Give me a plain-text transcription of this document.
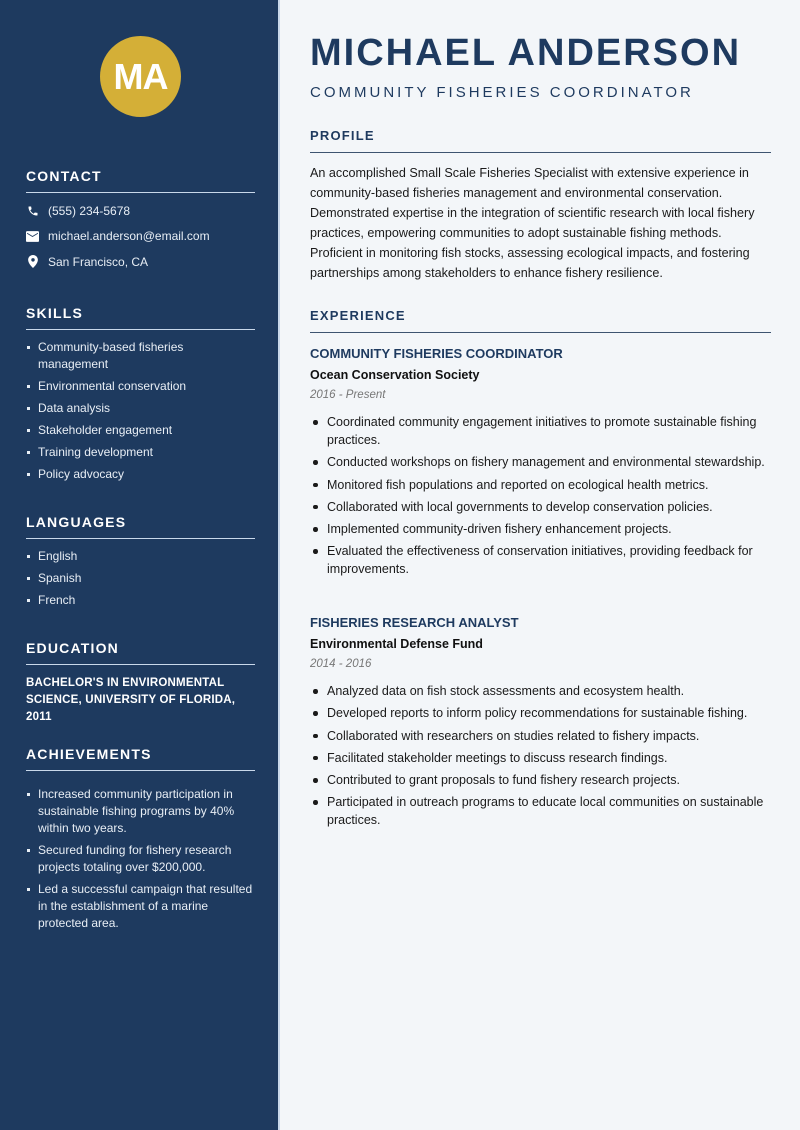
MA
CONTACT
(555) 234-5678
michael.anderson@email.com
San Francisco, CA
SKILLS
Community-based fisheries management
Environmental conservation
Data analysis
Stakeholder engagement
Training development
Policy advocacy
LANGUAGES
English
Spanish
French
EDUCATION
BACHELOR'S IN ENVIRONMENTAL SCIENCE, UNIVERSITY OF FLORIDA, 2011
ACHIEVEMENTS
Increased community participation in sustainable fishing programs by 40% within two years.
Secured funding for fishery research projects totaling over $200,000.
Led a successful campaign that resulted in the establishment of a marine protected area.
MICHAEL ANDERSON
COMMUNITY FISHERIES COORDINATOR
PROFILE

An accomplished Small Scale Fisheries Specialist with extensive experience in community-based fisheries management and environmental conservation. Demonstrated expertise in the integration of scientific research with local fishery practices, empowering communities to adopt sustainable fishing methods. Proficient in monitoring fish stocks, assessing ecological impacts, and fostering partnerships among stakeholders to enhance fishery resilience.

EXPERIENCE
COMMUNITY FISHERIES COORDINATOR
Ocean Conservation Society
2016 - Present
Coordinated community engagement initiatives to promote sustainable fishing practices.
Conducted workshops on fishery management and environmental stewardship.
Monitored fish populations and reported on ecological health metrics.
Collaborated with local governments to develop conservation policies.
Implemented community-driven fishery enhancement projects.
Evaluated the effectiveness of conservation initiatives, providing feedback for improvements.
FISHERIES RESEARCH ANALYST
Environmental Defense Fund
2014 - 2016
Analyzed data on fish stock assessments and ecosystem health.
Developed reports to inform policy recommendations for sustainable fishing.
Collaborated with researchers on studies related to fishery impacts.
Facilitated stakeholder meetings to discuss research findings.
Contributed to grant proposals to fund fishery research projects.
Participated in outreach programs to educate local communities on sustainable practices.
